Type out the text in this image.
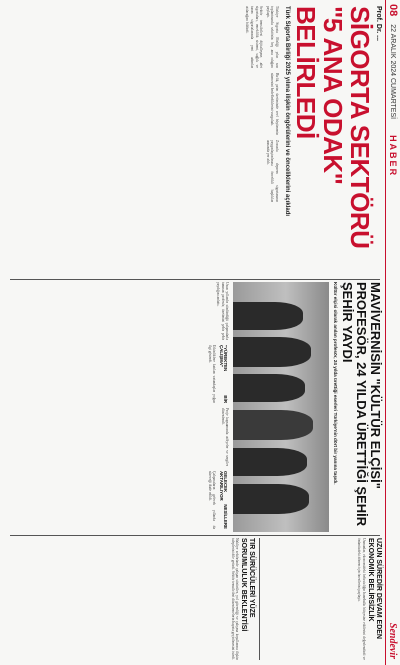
08
22 ARALIK 2024 CUMARTESİ
HABER
Sendevir
Prof. Dr. ...
SİGORTA SEKTÖRÜ "5 ANA ODAK" BELİRLEDİ
Türk Sigorta Birliği 2025 yılına ilişkin öngörülerini ve önceliklerini açıkladı

Türkiye Sigorta Birliği yılın son toplantısında sektörün beş ana odağını paylaştı.

Sektör temsilcileri dijitalleşme, afet sigortaları, emeklilik sistemi, sağlık ve tarım sigortalarında yeni adımlar atılacağını bildirdi.

Birlik, prim üretiminde reel büyümenin sürmesini hedeflediklerini vurguladı.

Zorunlu deprem sigortasının yaygınlaştırılması öncelikli başlıklar arasında yer aldı.

MAVİVERNİSİN "KÜLTÜR ELÇİSİ" PROFESÖR, 24 YILDA ÜRETTİĞİ ŞEHİR ŞEHİR YAYDI
Kültür elçisi olarak anılan profesör, 24 yılda ürettiği eserleri Türkiye'nin dört bir yanına taşıdı.

Uzun yıllardır sürdürdüğü çalışmalarla tanınan profesör, üretimini şehir şehir yaydığını anlattı.

"YÜREKTEN BİR ÇALIŞMA"

Etkinliklere katılan vatandaşlar yoğun ilgi gösterdi.

Proje kapsamında atölyeler ve sergiler düzenlendi.

GELECEK NESİLLERE AKTARILIYOR

Çalışmaların gelecek yıllarda da süreceği ifade edildi.

UZUN SÜREDİR DEVAM EDEN EKONOMİK BELİRSİZLİK
Uzmanlar, ekonomideki belirsizliğin hanehalkı bütçesine etkilerini değerlendirdi ve önümüzdeki dönem için önerilerini paylaştı.
TIR SÜRÜCÜLERİ YÜZE SORUMLULUK BEKLENTİSİ
Nakliye sektöründe çalışan sürücüler, yol güvenliği ve çalışma koşullarına ilişkin taleplerini dile getirdi. Sektör temsilcileri düzenlemelerin hayata geçirilmesini istedi.
